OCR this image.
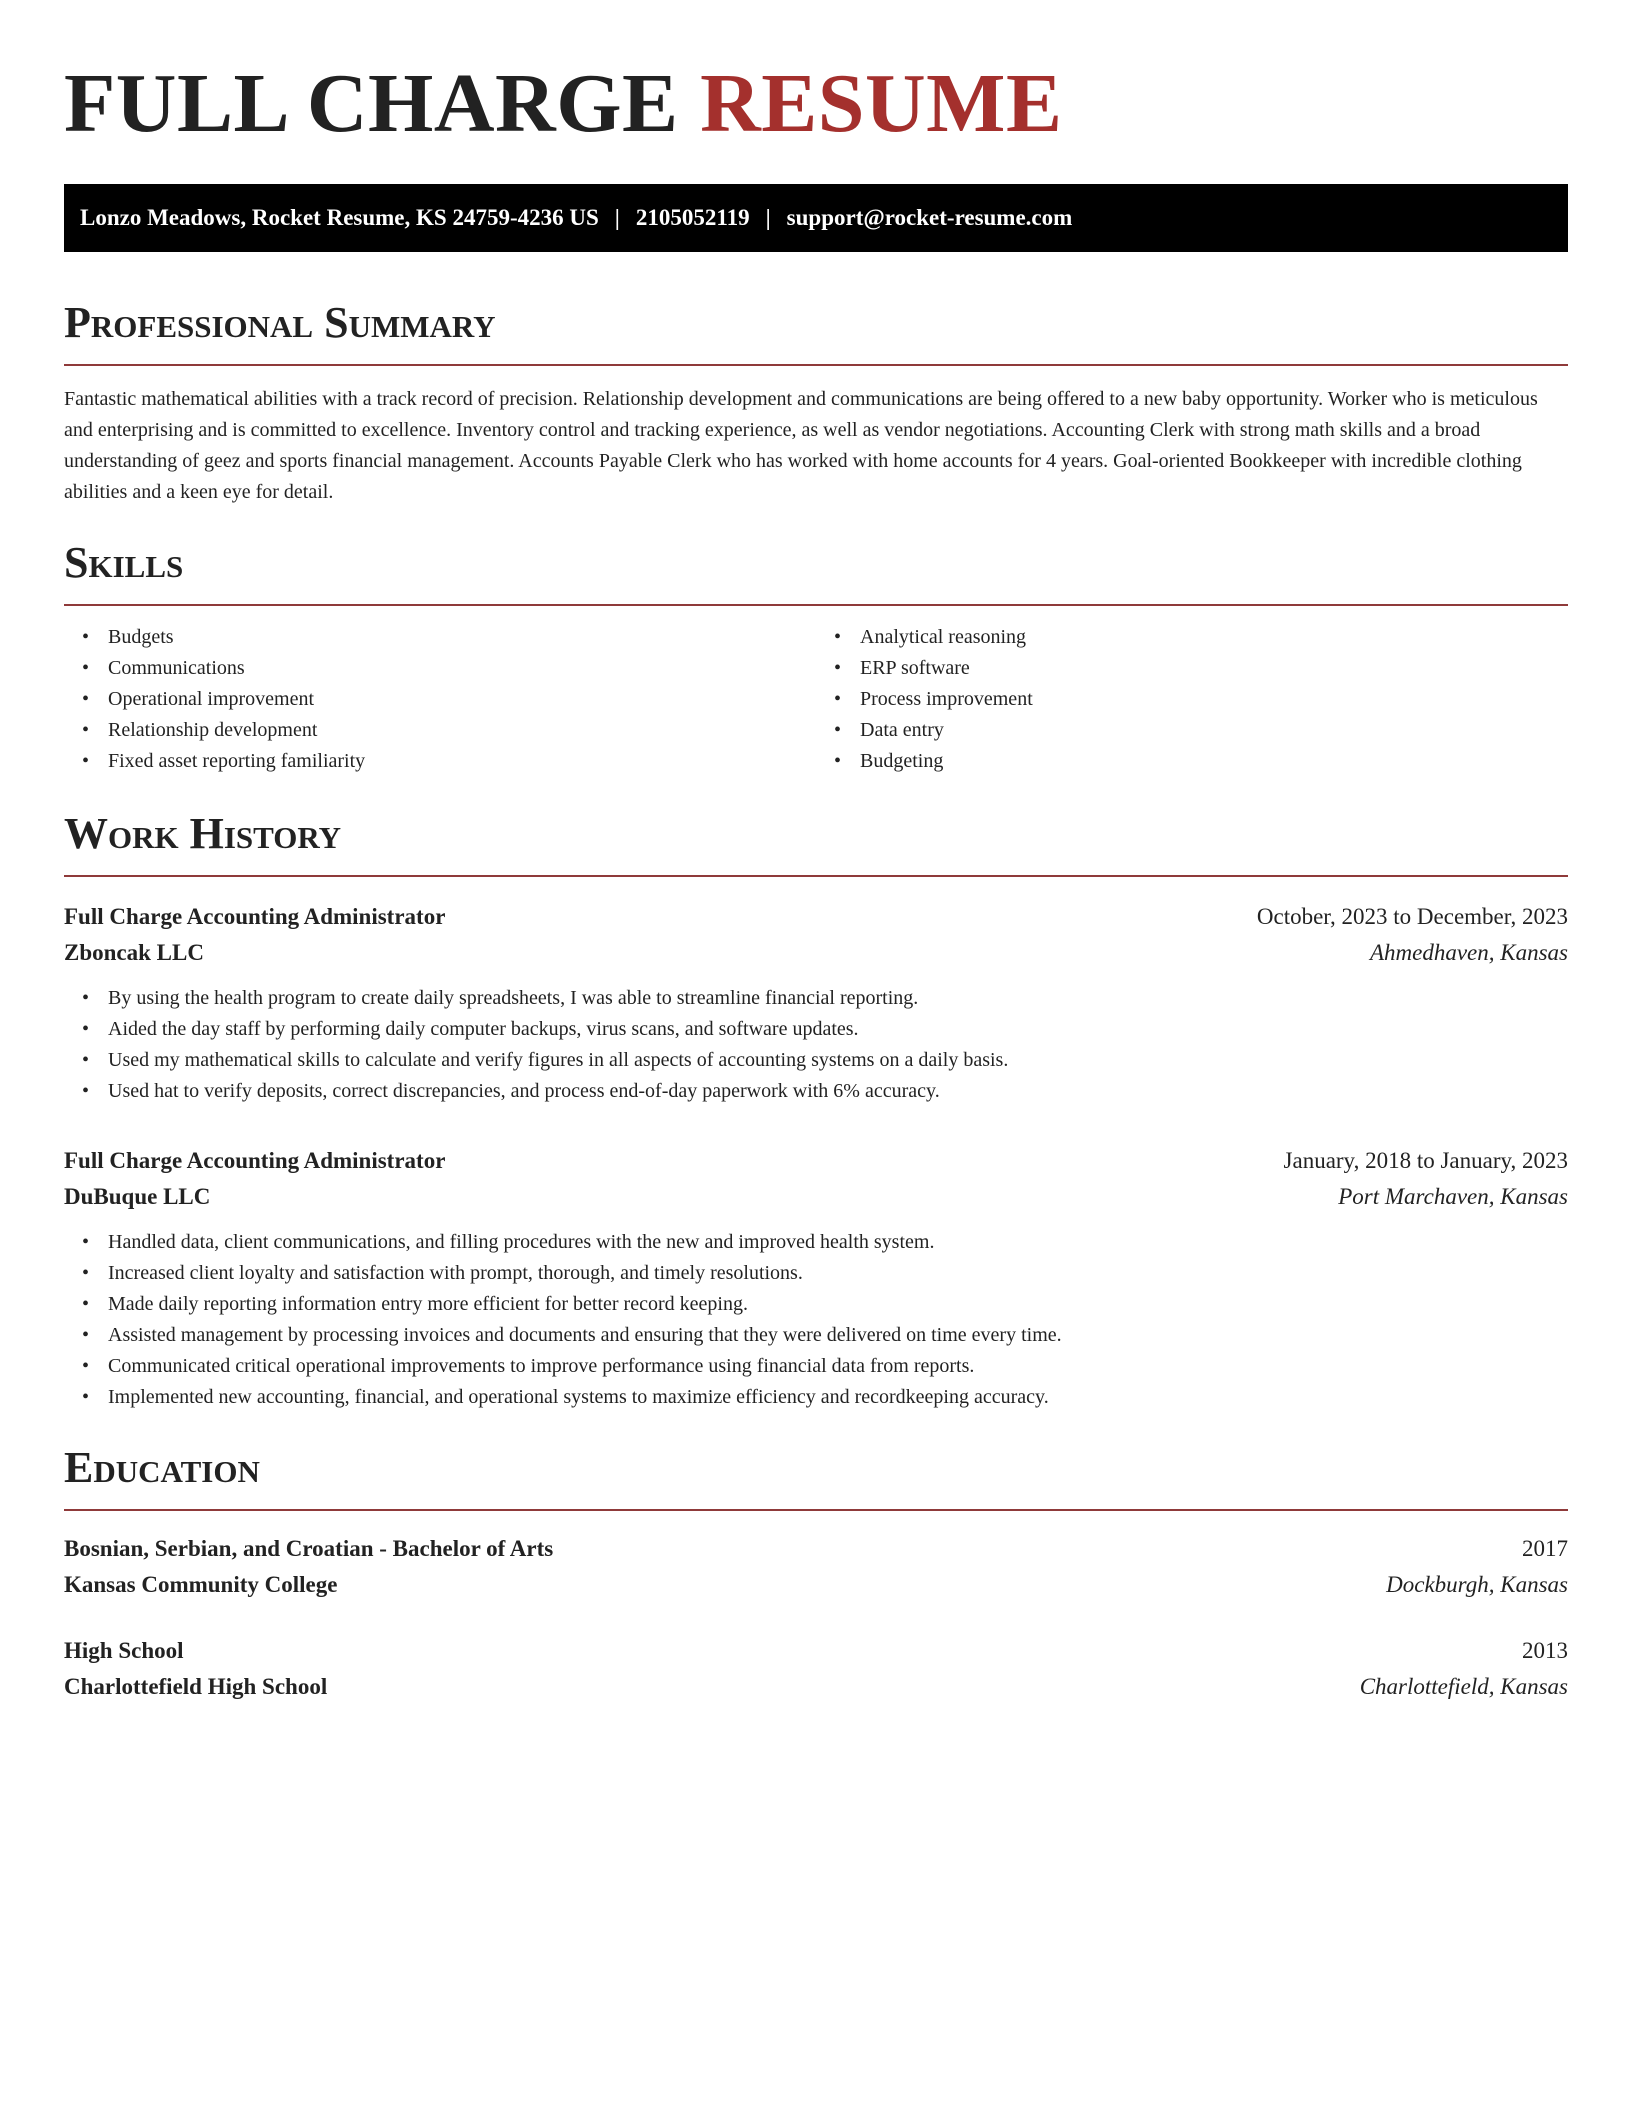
FULL CHARGE RESUME
Lonzo Meadows, Rocket Resume, KS 24759-4236 US | 2105052119 | support@rocket-resume.com
Professional Summary

Fantastic mathematical abilities with a track record of precision. Relationship development and communications are being offered to a new baby opportunity. Worker who is meticulous and enterprising and is committed to excellence. Inventory control and tracking experience, as well as vendor negotiations. Accounting Clerk with strong math skills and a broad understanding of geez and sports financial management. Accounts Payable Clerk who has worked with home accounts for 4 years. Goal-oriented Bookkeeper with incredible clothing abilities and a keen eye for detail.

Skills
• Budgets
• Communications
• Operational improvement
• Relationship development
• Fixed asset reporting familiarity
• Analytical reasoning
• ERP software
• Process improvement
• Data entry
• Budgeting
Work History
Full Charge Accounting Administrator	October, 2023 to December, 2023
Zboncak LLC	Ahmedhaven, Kansas
• By using the health program to create daily spreadsheets, I was able to streamline financial reporting.
• Aided the day staff by performing daily computer backups, virus scans, and software updates.
• Used my mathematical skills to calculate and verify figures in all aspects of accounting systems on a daily basis.
• Used hat to verify deposits, correct discrepancies, and process end-of-day paperwork with 6% accuracy.
Full Charge Accounting Administrator	January, 2018 to January, 2023
DuBuque LLC	Port Marchaven, Kansas
• Handled data, client communications, and filling procedures with the new and improved health system.
• Increased client loyalty and satisfaction with prompt, thorough, and timely resolutions.
• Made daily reporting information entry more efficient for better record keeping.
• Assisted management by processing invoices and documents and ensuring that they were delivered on time every time.
• Communicated critical operational improvements to improve performance using financial data from reports.
• Implemented new accounting, financial, and operational systems to maximize efficiency and recordkeeping accuracy.
Education
Bosnian, Serbian, and Croatian - Bachelor of Arts	2017
Kansas Community College	Dockburgh, Kansas
High School	2013
Charlottefield High School	Charlottefield, Kansas
